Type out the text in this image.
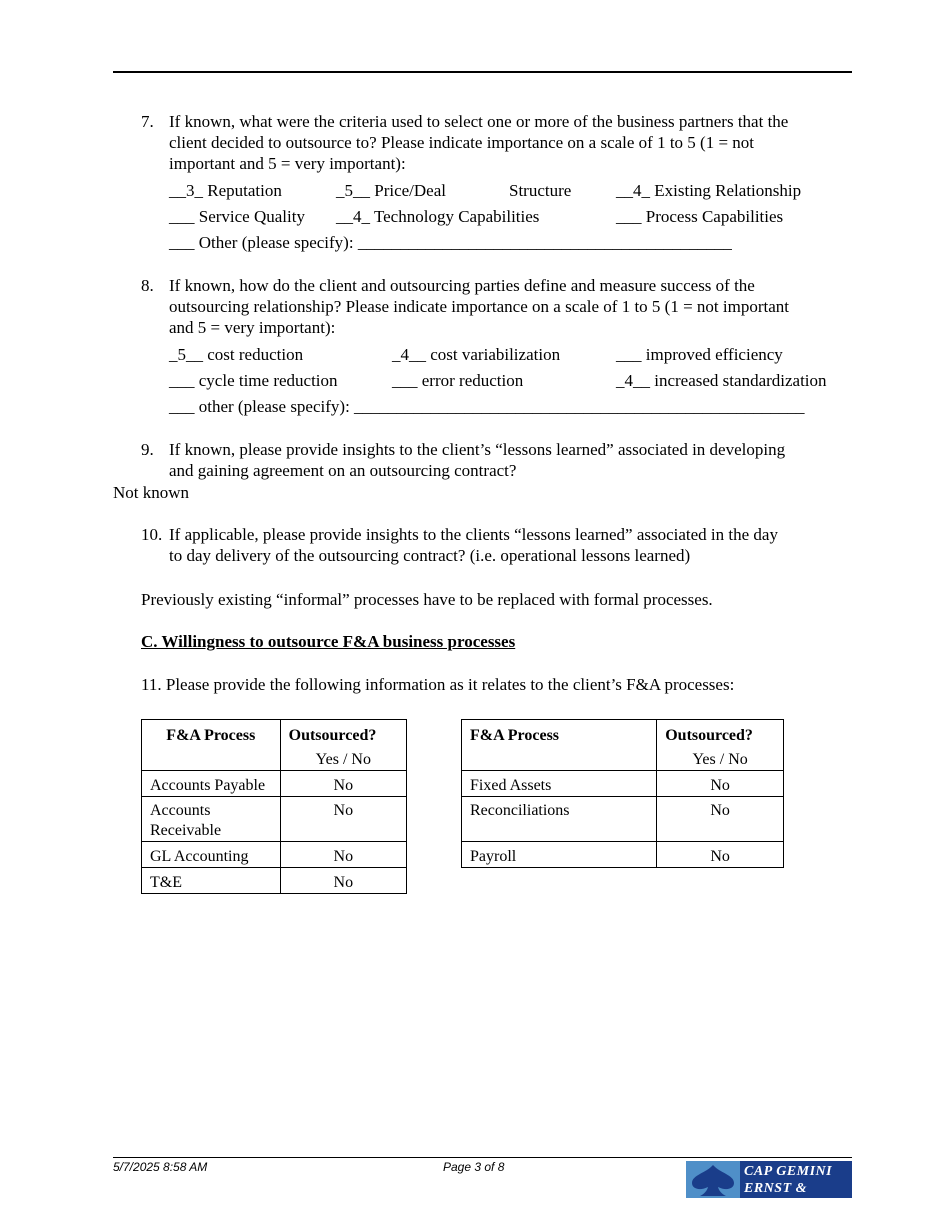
7. If known, what were the criteria used to select one or more of the business partners that the
client decided to outsource to? Please indicate importance on a scale of 1 to 5 (1 = not
important and 5 = very important):
__3_ Reputation	_5__ Price/Deal	Structure	__4_ Existing Relationship
___ Service Quality __4_ Technology Capabilities	___ Process Capabilities
___ Other (please specify): ____________________________________________
8. If known, how do the client and outsourcing parties define and measure success of the
outsourcing relationship? Please indicate importance on a scale of 1 to 5 (1 = not important
and 5 = very important):
_5__ cost reduction	_4__ cost variabilization	___ improved efficiency
___ cycle time reduction	___ error reduction	_4__ increased standardization
___ other (please specify): _____________________________________________________
9. If known, please provide insights to the client’s “lessons learned” associated in developing
and gaining agreement on an outsourcing contract?
Not known
10. If applicable, please provide insights to the clients “lessons learned” associated in the day
to day delivery of the outsourcing contract? (i.e. operational lessons learned)
Previously existing “informal” processes have to be replaced with formal processes.
C. Willingness to outsource F&A business processes
11. Please provide the following information as it relates to the client’s F&A processes:
F&A Process	Outsourced?
Yes / No

Accounts Payable	No
Accounts Receivable	No
GL Accounting	No
T&E	No
F&A Process	Outsourced?
Yes / No

Fixed Assets	No
Reconciliations	No
Payroll	No
5/7/2025 8:58 AM	Page 3 of 8	CAP GEMINI
ERNST & YOUNG
